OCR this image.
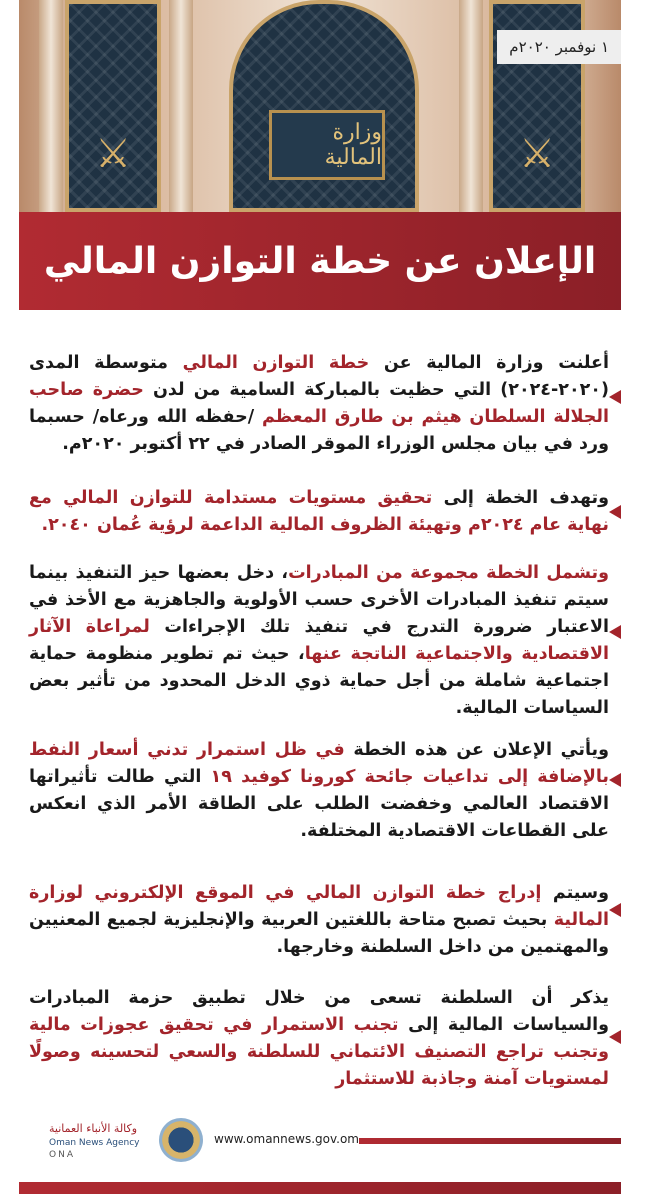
⚔	وزارة المالية	⚔
١ نوفمبر ٢٠٢٠م
الإعلان عن خطة التوازن المالي
أعلنت وزارة المالية عن خطة التوازن المالي متوسطة المدى (٢٠٢٠-٢٠٢٤) التي حظيت بالمباركة السامية من لدن حضرة صاحب الجلالة السلطان هيثم بن طارق المعظم /حفظه الله ورعاه/ حسبما ورد في بيان مجلس الوزراء الموقر الصادر في ٢٢ أكتوبر ٢٠٢٠م.
وتهدف الخطة إلى تحقيق مستويات مستدامة للتوازن المالي مع نهاية عام ٢٠٢٤م وتهيئة الظروف المالية الداعمة لرؤية عُمان ٢٠٤٠.
وتشمل الخطة مجموعة من المبادرات، دخل بعضها حيز التنفيذ بينما سيتم تنفيذ المبادرات الأخرى حسب الأولوية والجاهزية مع الأخذ في الاعتبار ضرورة التدرج في تنفيذ تلك الإجراءات لمراعاة الآثار الاقتصادية والاجتماعية الناتجة عنها، حيث تم تطوير منظومة حماية اجتماعية شاملة من أجل حماية ذوي الدخل المحدود من تأثير بعض السياسات المالية.
ويأتي الإعلان عن هذه الخطة في ظل استمرار تدني أسعار النفط بالإضافة إلى تداعيات جائحة كورونا كوفيد ١٩ التي طالت تأثيراتها الاقتصاد العالمي وخفضت الطلب على الطاقة الأمر الذي انعكس على القطاعات الاقتصادية المختلفة.
وسيتم إدراج خطة التوازن المالي في الموقع الإلكتروني لوزارة المالية بحيث تصبح متاحة باللغتين العربية والإنجليزية لجميع المعنيين والمهتمين من داخل السلطنة وخارجها.
يذكر أن السلطنة تسعى من خلال تطبيق حزمة المبادرات والسياسات المالية إلى تجنب الاستمرار في تحقيق عجوزات مالية وتجنب تراجع التصنيف الائتماني للسلطنة والسعي لتحسينه وصولًا لمستويات آمنة وجاذبة للاستثمار
وكالة الأنباء العمانية
Oman News Agency
ONA
www.omannews.gov.om
